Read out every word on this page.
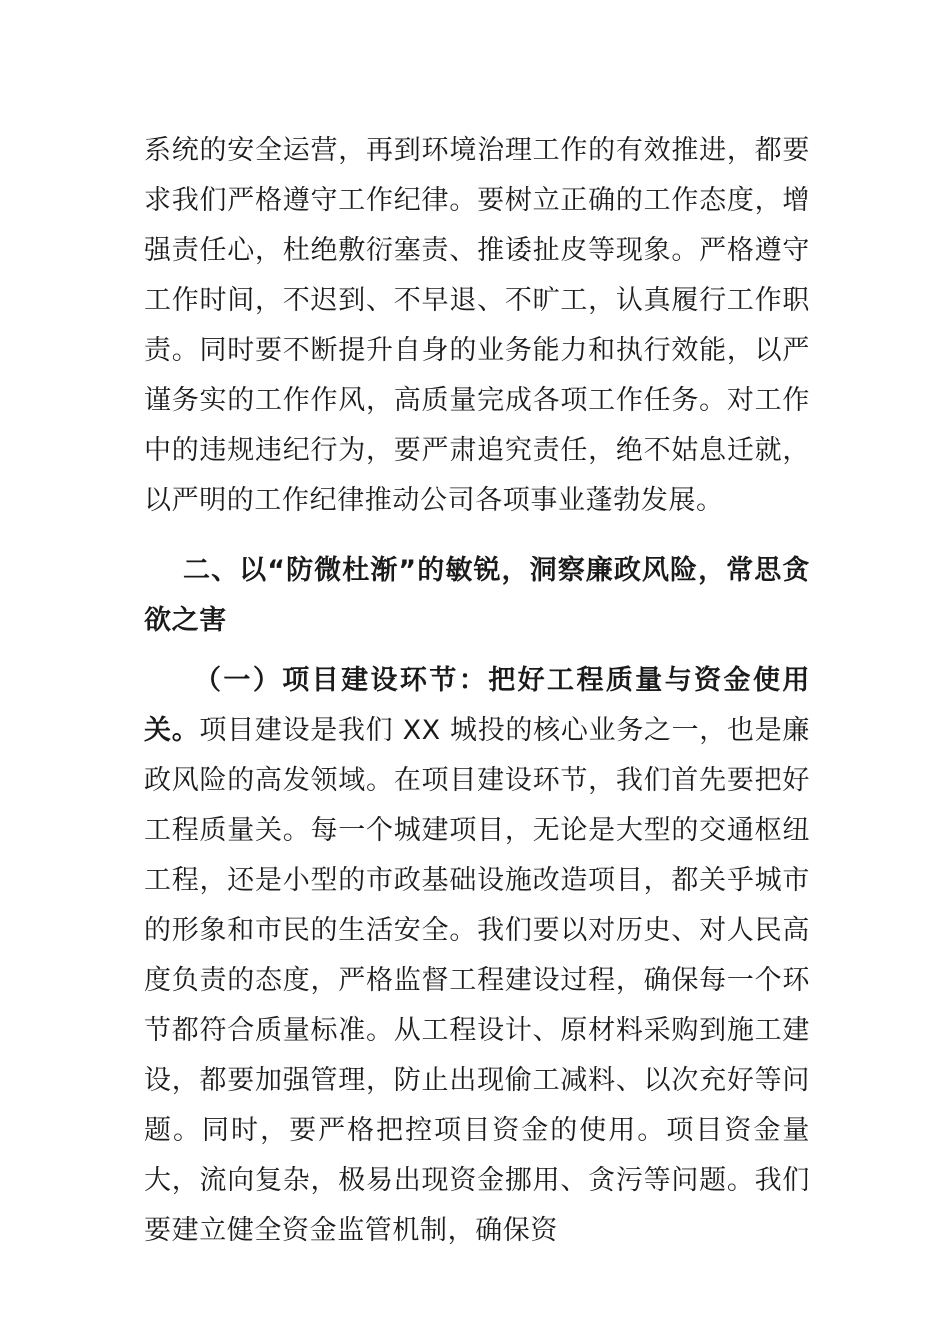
系统的安全运营，再到环境治理工作的有效推进，都要求我们严格遵守工作纪律。要树立正确的工作态度，增强责任心，杜绝敷衍塞责、推诿扯皮等现象。严格遵守工作时间，不迟到、不早退、不旷工，认真履行工作职责。同时要不断提升自身的业务能力和执行效能，以严谨务实的工作作风，高质量完成各项工作任务。对工作中的违规违纪行为，要严肃追究责任，绝不姑息迁就，以严明的工作纪律推动公司各项事业蓬勃发展。

二、以“防微杜渐”的敏锐，洞察廉政风险，常思贪欲之害

（一）项目建设环节：把好工程质量与资金使用关。项目建设是我们 XX 城投的核心业务之一，也是廉政风险的高发领域。在项目建设环节，我们首先要把好工程质量关。每一个城建项目，无论是大型的交通枢纽工程，还是小型的市政基础设施改造项目，都关乎城市的形象和市民的生活安全。我们要以对历史、对人民高度负责的态度，严格监督工程建设过程，确保每一个环节都符合质量标准。从工程设计、原材料采购到施工建设，都要加强管理，防止出现偷工减料、以次充好等问题。同时，要严格把控项目资金的使用。项目资金量大，流向复杂，极易出现资金挪用、贪污等问题。我们要建立健全资金监管机制，确保资
